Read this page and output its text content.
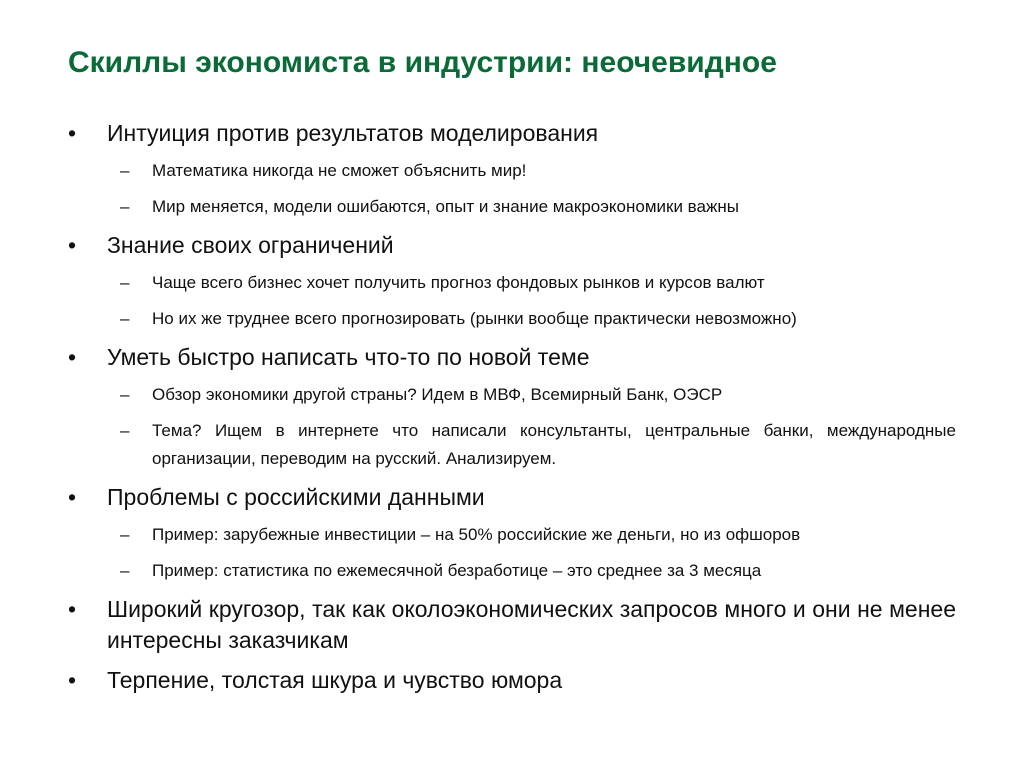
Скиллы экономиста в индустрии: неочевидное
• Интуиция против результатов моделирования
– Математика никогда не сможет объяснить мир!
– Мир меняется, модели ошибаются, опыт и знание макроэкономики важны
• Знание своих ограничений
– Чаще всего бизнес хочет получить прогноз фондовых рынков и курсов валют
– Но их же труднее всего прогнозировать (рынки вообще практически невозможно)
• Уметь быстро написать что-то по новой теме
– Обзор экономики другой страны? Идем в МВФ, Всемирный Банк, ОЭСР
– Тема? Ищем в интернете что написали консультанты, центральные банки, международные организации, переводим на русский. Анализируем.
• Проблемы с российскими данными
– Пример: зарубежные инвестиции – на 50% российские же деньги, но из офшоров
– Пример: статистика по ежемесячной безработице – это среднее за 3 месяца
• Широкий кругозор, так как околоэкономических запросов много и они не менее интересны заказчикам
• Терпение, толстая шкура и чувство юмора
